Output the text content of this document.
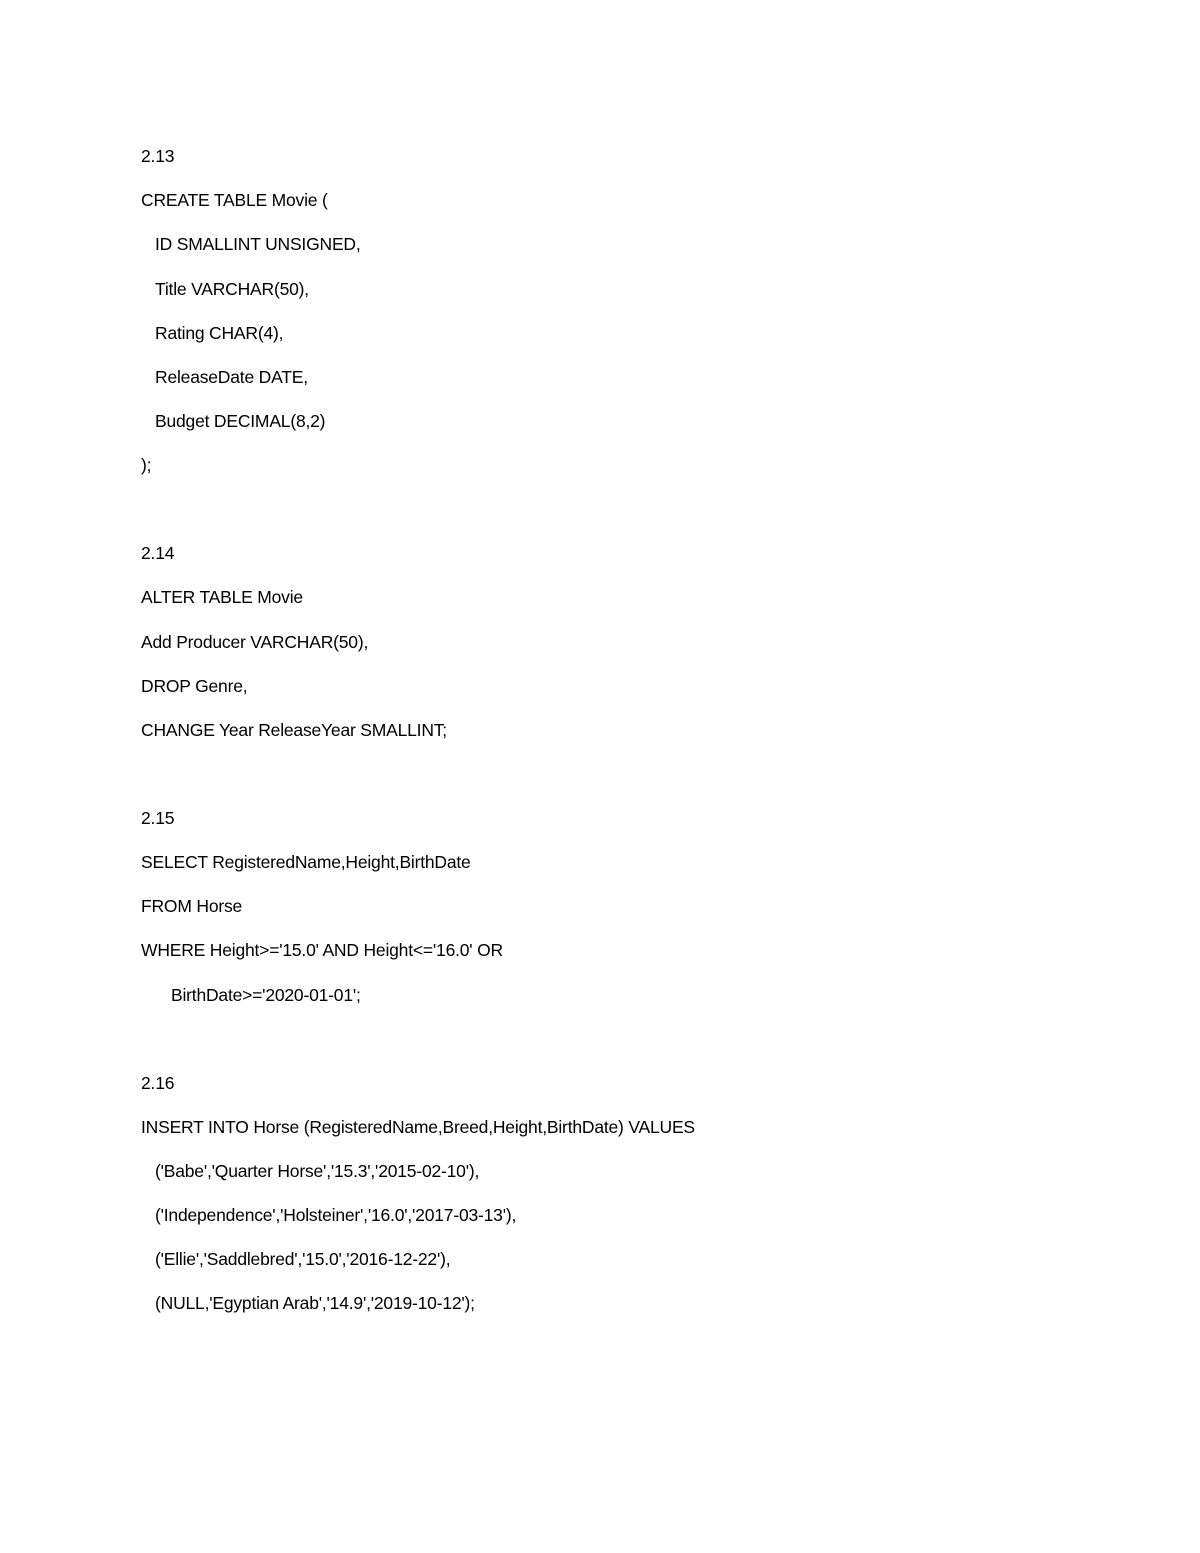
2.13
CREATE TABLE Movie (
ID SMALLINT UNSIGNED,
Title VARCHAR(50),
Rating CHAR(4),
ReleaseDate DATE,
Budget DECIMAL(8,2)
);
2.14
ALTER TABLE Movie
Add Producer VARCHAR(50),
DROP Genre,
CHANGE Year ReleaseYear SMALLINT;
2.15
SELECT RegisteredName,Height,BirthDate
FROM Horse
WHERE Height>='15.0' AND Height<='16.0' OR
BirthDate>='2020-01-01';
2.16
INSERT INTO Horse (RegisteredName,Breed,Height,BirthDate) VALUES
('Babe','Quarter Horse','15.3','2015-02-10'),
('Independence','Holsteiner','16.0','2017-03-13'),
('Ellie','Saddlebred','15.0','2016-12-22'),
(NULL,'Egyptian Arab','14.9','2019-10-12');
